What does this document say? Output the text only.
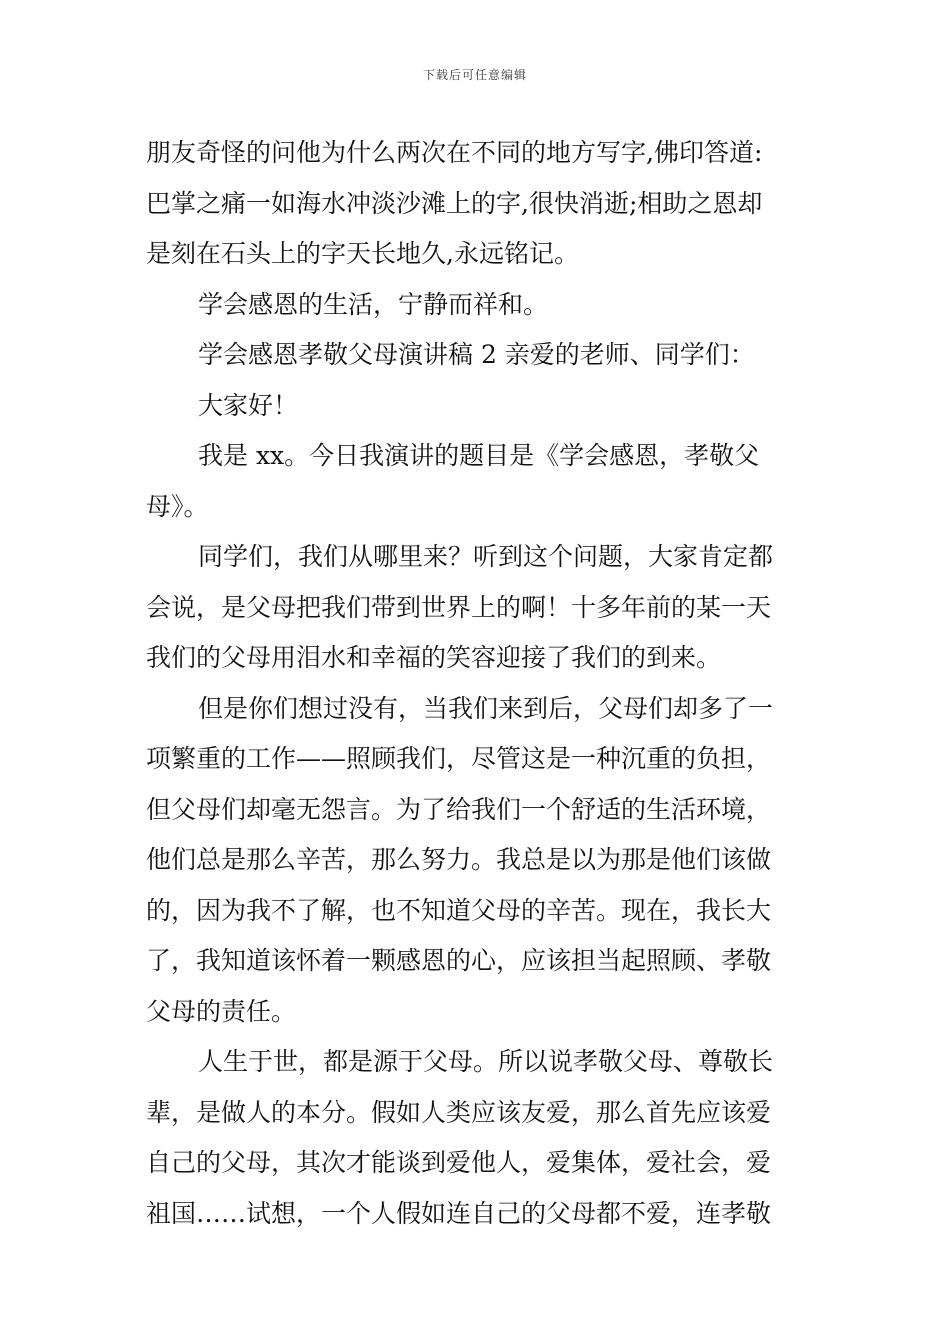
下载后可任意编辑
朋友奇怪的问他为什么两次在不同的地方写字,佛印答道:
巴掌之痛一如海水冲淡沙滩上的字,很快消逝;相助之恩却
是刻在石头上的字天长地久,永远铭记。
学会感恩的生活，宁静而祥和。
学会感恩孝敬父母演讲稿 2 亲爱的老师、同学们：
大家好！
我是 xx。今日我演讲的题目是《学会感恩，孝敬父
母》。
同学们，我们从哪里来？听到这个问题，大家肯定都
会说，是父母把我们带到世界上的啊！十多年前的某一天
我们的父母用泪水和幸福的笑容迎接了我们的到来。
但是你们想过没有，当我们来到后，父母们却多了一
项繁重的工作——照顾我们，尽管这是一种沉重的负担，
但父母们却毫无怨言。为了给我们一个舒适的生活环境，
他们总是那么辛苦，那么努力。我总是以为那是他们该做
的，因为我不了解，也不知道父母的辛苦。现在，我长大
了，我知道该怀着一颗感恩的心，应该担当起照顾、孝敬
父母的责任。
人生于世，都是源于父母。所以说孝敬父母、尊敬长
辈，是做人的本分。假如人类应该友爱，那么首先应该爱
自己的父母，其次才能谈到爱他人，爱集体，爱社会，爱
祖国……试想，一个人假如连自己的父母都不爱，连孝敬
